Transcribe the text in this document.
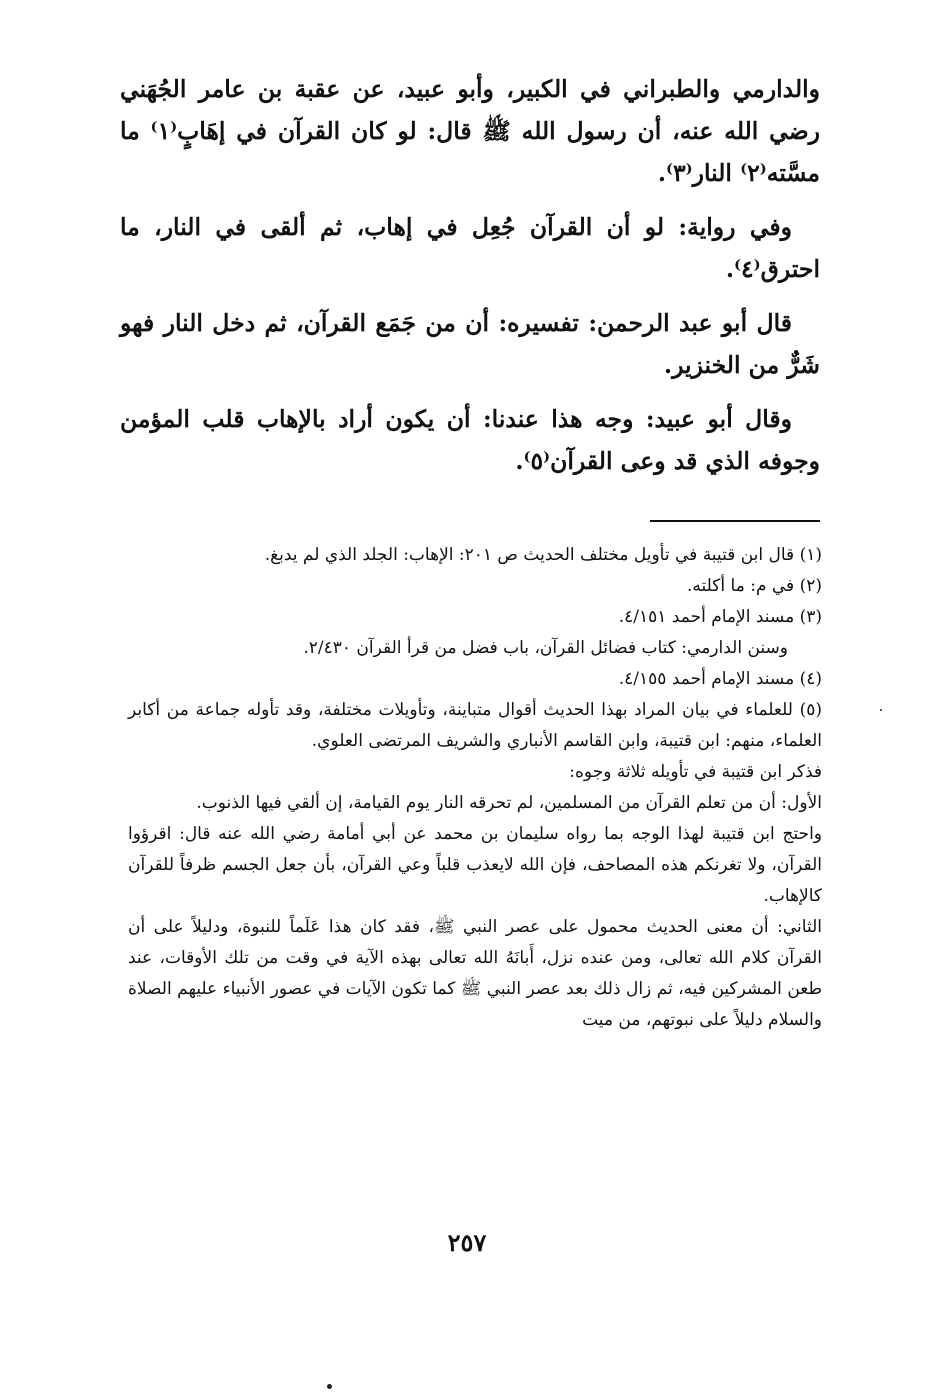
والدارمي والطبراني في الكبير، وأبو عبيد، عن عقبة بن عامر الجُهَني رضي الله عنه، أن رسول الله ﷺ قال: لو كان القرآن في إهَابٍ⁽١⁾ ما مسَّته⁽٢⁾ النار⁽٣⁾.

وفي رواية: لو أن القرآن جُعِل في إهاب، ثم ألقى في النار، ما احترق⁽٤⁾.

قال أبو عبد الرحمن: تفسيره: أن من جَمَع القرآن، ثم دخل النار فهو شَرٌّ من الخنزير.

وقال أبو عبيد: وجه هذا عندنا: أن يكون أراد بالإهاب قلب المؤمن وجوفه الذي قد وعى القرآن⁽٥⁾.

(١) قال ابن قتيبة في تأويل مختلف الحديث ص ٢٠١: الإهاب: الجلد الذي لم يدبغ.

(٢) في م: ما أكلته.

(٣) مسند الإمام أحمد ٤/١٥١.

وسنن الدارمي: كتاب فضائل القرآن، باب فضل من قرأ القرآن ٢/٤٣٠.

(٤) مسند الإمام أحمد ٤/١٥٥.

(٥) للعلماء في بيان المراد بهذا الحديث أقوال متباينة، وتأويلات مختلفة، وقد تأوله جماعة من أكابر العلماء، منهم: ابن قتيبة، وابن القاسم الأنباري والشريف المرتضى العلوي.

فذكر ابن قتيبة في تأويله ثلاثة وجوه:

الأول: أن من تعلم القرآن من المسلمين، لم تحرقه النار يوم القيامة، إن ألقي فيها الذنوب.

واحتج ابن قتيبة لهذا الوجه بما رواه سليمان بن محمد عن أبي أمامة رضي الله عنه قال: اقرؤوا القرآن، ولا تغرنكم هذه المصاحف، فإن الله لايعذب قلباً وعي القرآن، بأن جعل الجسم ظرفاً للقرآن كالإهاب.

الثاني: أن معنى الحديث محمول على عصر النبي ﷺ، فقد كان هذا عَلَماً للنبوة، ودليلاً على أن القرآن كلام الله تعالى، ومن عنده نزل، أَبانَهُ الله تعالى بهذه الآية في وقت من تلك الأوقات، عند طعن المشركين فيه، ثم زال ذلك بعد عصر النبي ﷺ كما تكون الآيات في عصور الأنبياء عليهم الصلاة والسلام دليلاً على نبوتهم، من ميت

٢٥٧
